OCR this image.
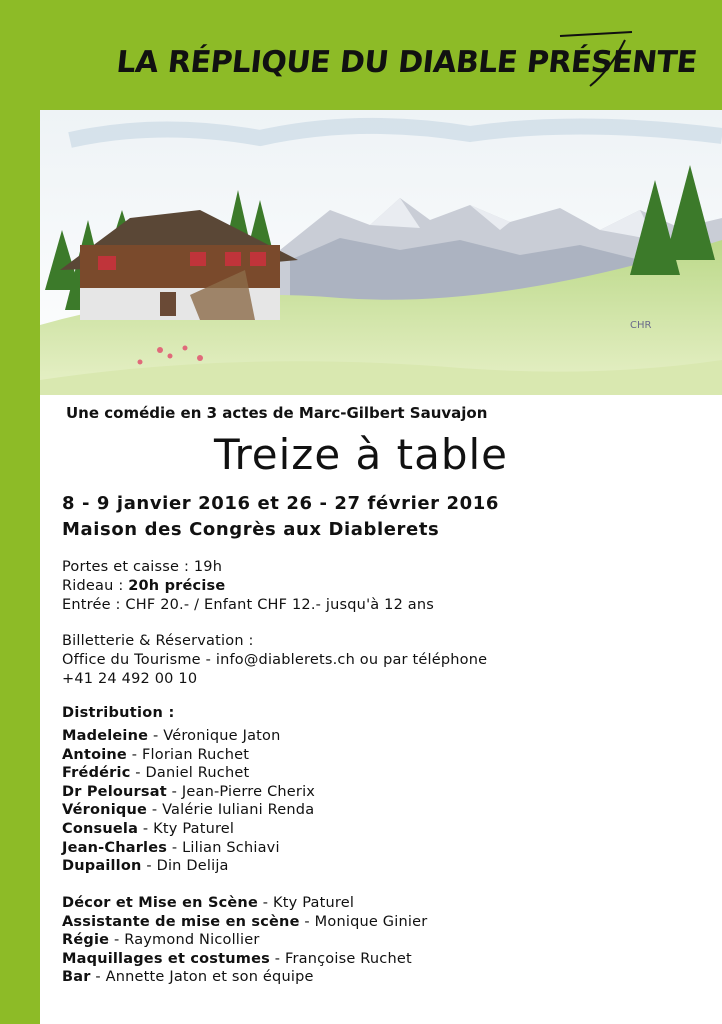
LA RÉPLIQUE DU DIABLE PRÉSENTE
CHR
Une comédie en 3 actes de Marc-Gilbert Sauvajon
Treize à table
8 - 9 janvier 2016 et 26 - 27 février 2016
Maison des Congrès aux Diablerets
Portes et caisse : 19h
Rideau : 20h précise
Entrée : CHF 20.- / Enfant CHF 12.- jusqu'à 12 ans
Billetterie & Réservation :
Office du Tourisme - info@diablerets.ch ou par téléphone
+41 24 492 00 10
Distribution :
Madeleine - Véronique Jaton
Antoine - Florian Ruchet
Frédéric - Daniel Ruchet
Dr Peloursat - Jean-Pierre Cherix
Véronique - Valérie Iuliani Renda
Consuela - Kty Paturel
Jean-Charles - Lilian Schiavi
Dupaillon - Din Delija
Décor et Mise en Scène - Kty Paturel
Assistante de mise en scène - Monique Ginier
Régie - Raymond Nicollier
Maquillages et costumes - Françoise Ruchet
Bar - Annette Jaton et son équipe
